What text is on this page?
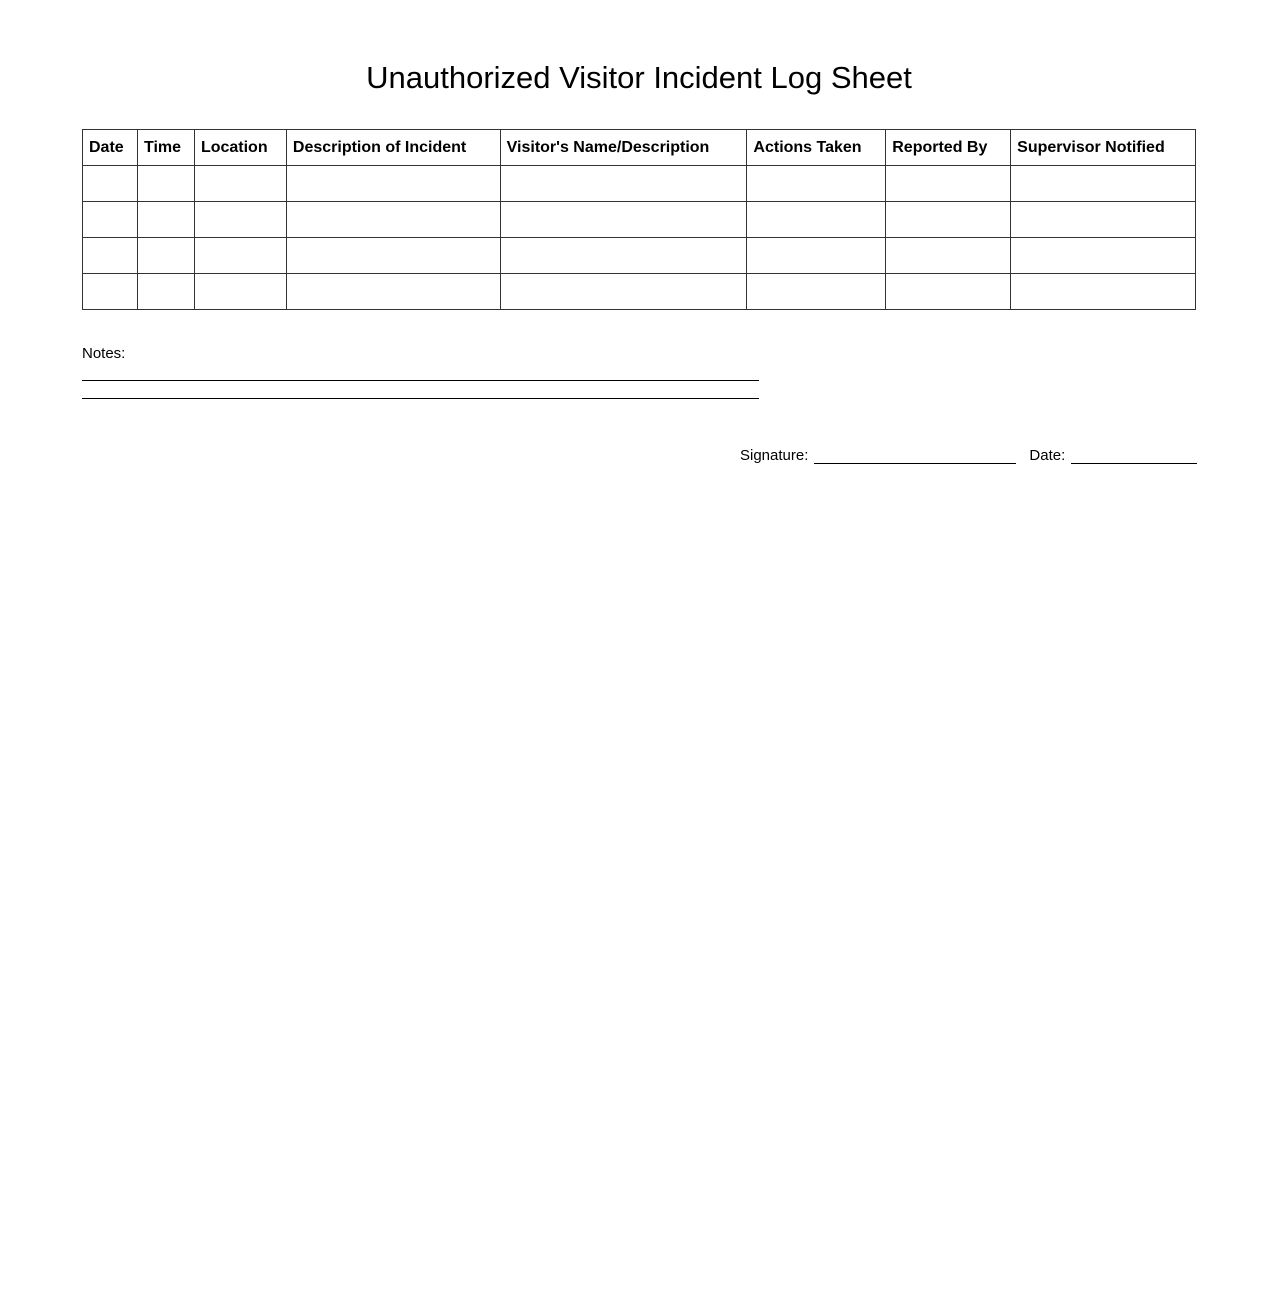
Unauthorized Visitor Incident Log Sheet
Date	Time	Location	Description of Incident	Visitor's Name/Description	Actions Taken	Reported By	Supervisor Notified

Notes:
Signature:	Date:
